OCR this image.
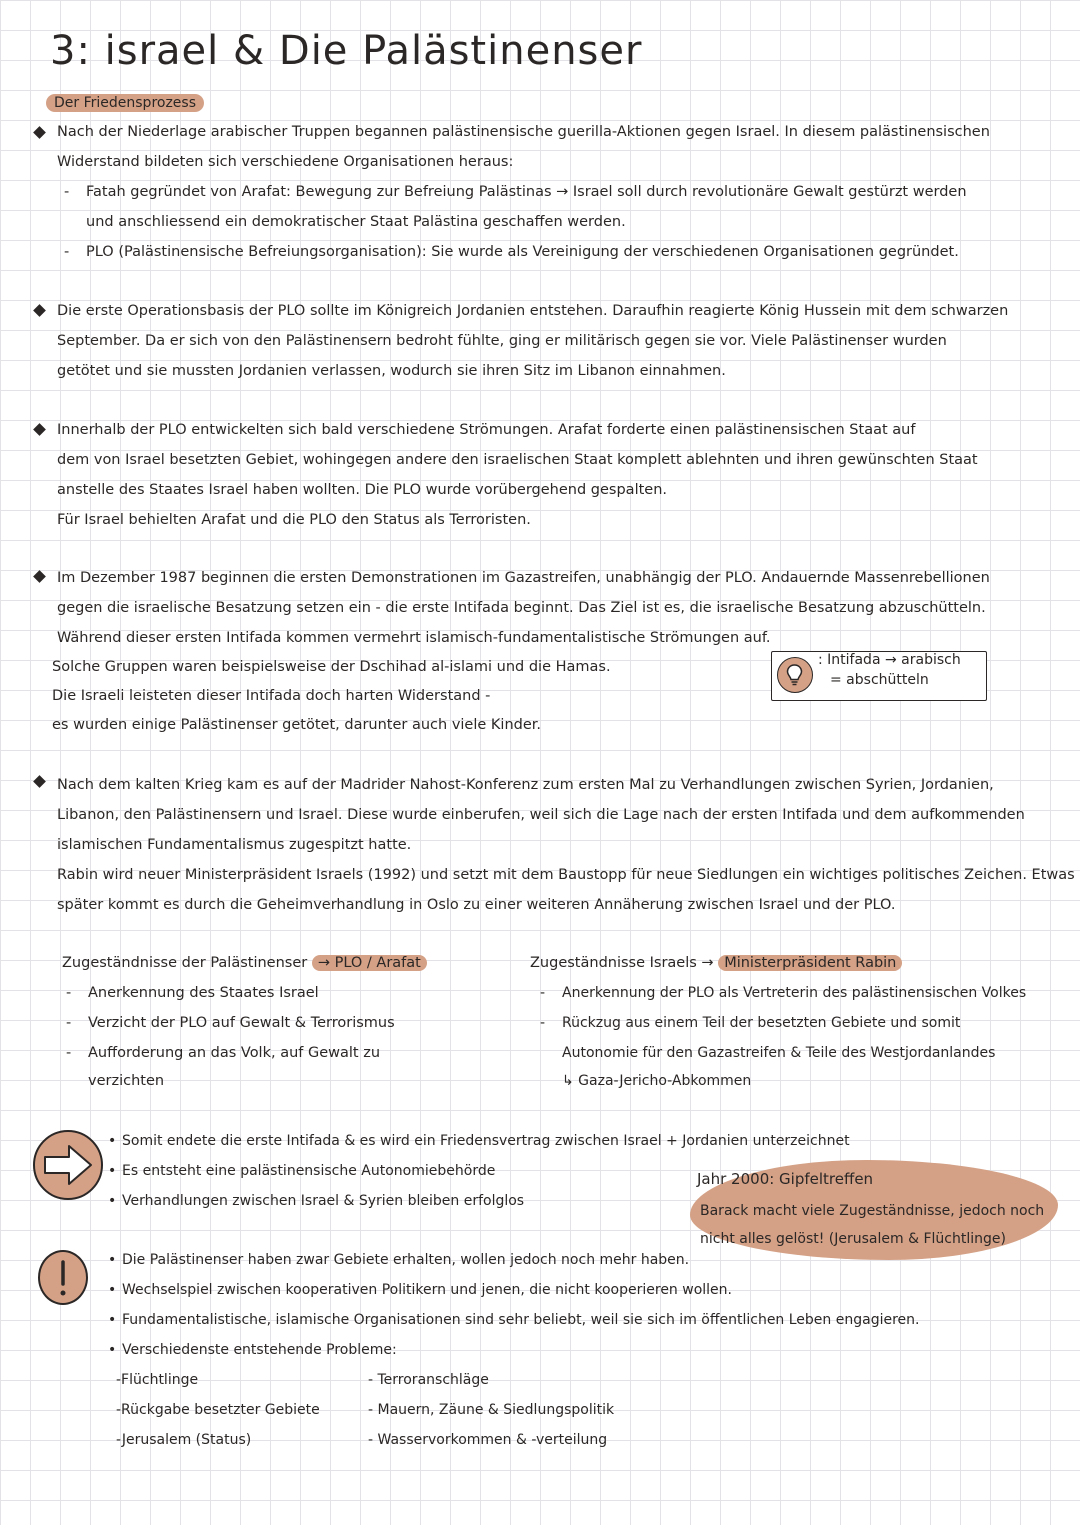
3: israel & Die Palästinenser
Der Friedensprozess
Nach der Niederlage arabischer Truppen begannen palästinensische guerilla-Aktionen gegen Israel. In diesem palästinensischen
Widerstand bildeten sich verschiedene Organisationen heraus:
- Fatah gegründet von Arafat: Bewegung zur Befreiung Palästinas → Israel soll durch revolutionäre Gewalt gestürzt werden
und anschliessend ein demokratischer Staat Palästina geschaffen werden.
- PLO (Palästinensische Befreiungsorganisation): Sie wurde als Vereinigung der verschiedenen Organisationen gegründet.
Die erste Operationsbasis der PLO sollte im Königreich Jordanien entstehen. Daraufhin reagierte König Hussein mit dem schwarzen
September. Da er sich von den Palästinensern bedroht fühlte, ging er militärisch gegen sie vor. Viele Palästinenser wurden
getötet und sie mussten Jordanien verlassen, wodurch sie ihren Sitz im Libanon einnahmen.
Innerhalb der PLO entwickelten sich bald verschiedene Strömungen. Arafat forderte einen palästinensischen Staat auf
dem von Israel besetzten Gebiet, wohingegen andere den israelischen Staat komplett ablehnten und ihren gewünschten Staat
anstelle des Staates Israel haben wollten. Die PLO wurde vorübergehend gespalten.
Für Israel behielten Arafat und die PLO den Status als Terroristen.
Im Dezember 1987 beginnen die ersten Demonstrationen im Gazastreifen, unabhängig der PLO. Andauernde Massenrebellionen
gegen die israelische Besatzung setzen ein - die erste Intifada beginnt. Das Ziel ist es, die israelische Besatzung abzuschütteln.
Während dieser ersten Intifada kommen vermehrt islamisch-fundamentalistische Strömungen auf.
Solche Gruppen waren beispielsweise der Dschihad al-islami und die Hamas.
Die Israeli leisteten dieser Intifada doch harten Widerstand -
es wurden einige Palästinenser getötet, darunter auch viele Kinder.
: Intifada → arabisch
= abschütteln
Nach dem kalten Krieg kam es auf der Madrider Nahost-Konferenz zum ersten Mal zu Verhandlungen zwischen Syrien, Jordanien,
Libanon, den Palästinensern und Israel. Diese wurde einberufen, weil sich die Lage nach der ersten Intifada und dem aufkommenden
islamischen Fundamentalismus zugespitzt hatte.
Rabin wird neuer Ministerpräsident Israels (1992) und setzt mit dem Baustopp für neue Siedlungen ein wichtiges politisches Zeichen. Etwas
später kommt es durch die Geheimverhandlung in Oslo zu einer weiteren Annäherung zwischen Israel und der PLO.
Zugeständnisse der Palästinenser → PLO / Arafat
- Anerkennung des Staates Israel
- Verzicht der PLO auf Gewalt & Terrorismus
- Aufforderung an das Volk, auf Gewalt zu
verzichten
Zugeständnisse Israels → Ministerpräsident Rabin
- Anerkennung der PLO als Vertreterin des palästinensischen Volkes
- Rückzug aus einem Teil der besetzten Gebiete und somit
Autonomie für den Gazastreifen & Teile des Westjordanlandes
↳ Gaza-Jericho-Abkommen
• Somit endete die erste Intifada & es wird ein Friedensvertrag zwischen Israel + Jordanien unterzeichnet
• Es entsteht eine palästinensische Autonomiebehörde
• Verhandlungen zwischen Israel & Syrien bleiben erfolglos
Jahr 2000: Gipfeltreffen
Barack macht viele Zugeständnisse, jedoch noch
nicht alles gelöst! (Jerusalem & Flüchtlinge)
• Die Palästinenser haben zwar Gebiete erhalten, wollen jedoch noch mehr haben.
• Wechselspiel zwischen kooperativen Politikern und jenen, die nicht kooperieren wollen.
• Fundamentalistische, islamische Organisationen sind sehr beliebt, weil sie sich im öffentlichen Leben engagieren.
• Verschiedenste entstehende Probleme:
-Flüchtlinge
-Rückgabe besetzter Gebiete
-Jerusalem (Status)
- Terroranschläge
- Mauern, Zäune & Siedlungspolitik
- Wasservorkommen & -verteilung
